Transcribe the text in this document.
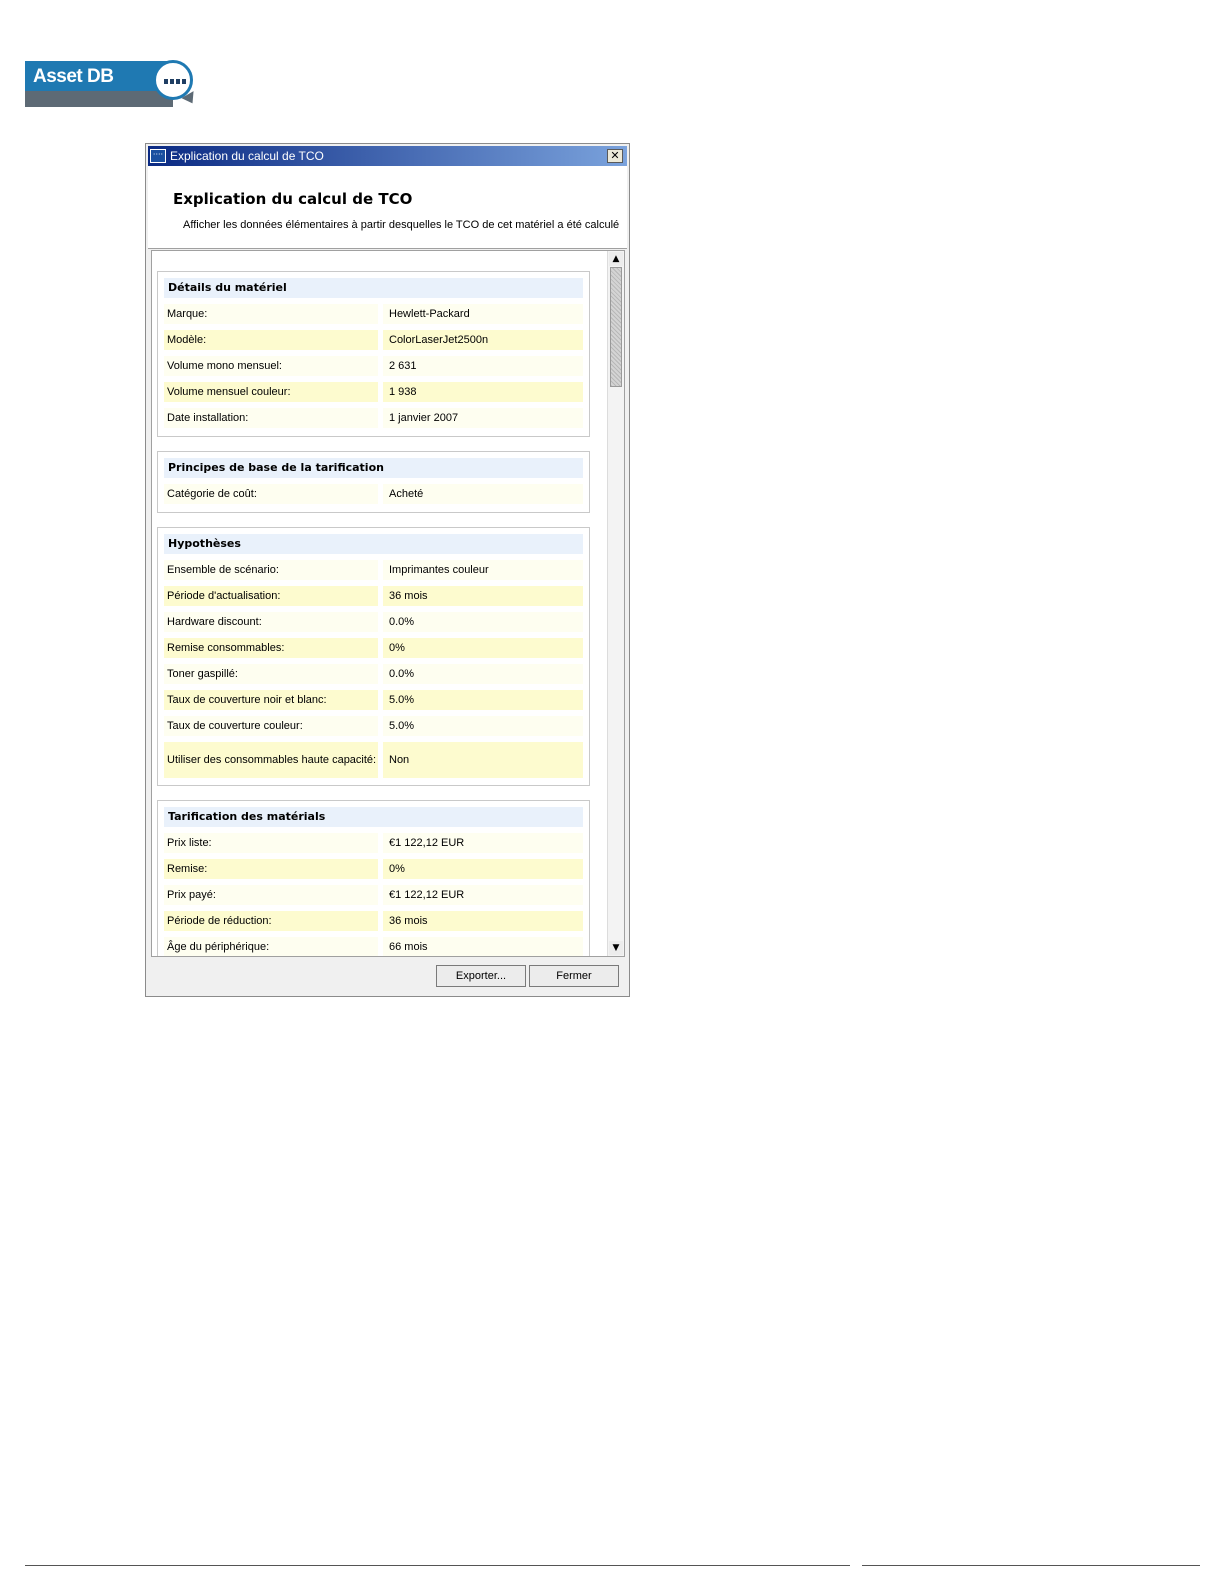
Asset DB
···· Explication du calcul de TCO	✕
Explication du calcul de TCO
Afficher les données élémentaires à partir desquelles le TCO de cet matériel a été calculé
Détails du matériel
Marque:	Hewlett-Packard
Modèle:	ColorLaserJet2500n
Volume mono mensuel:	2 631
Volume mensuel couleur:	1 938
Date installation:	1 janvier 2007
Principes de base de la tarification
Catégorie de coût:	Acheté
Hypothèses
Ensemble de scénario:	Imprimantes couleur
Période d'actualisation:	36 mois
Hardware discount:	0.0%
Remise consommables:	0%
Toner gaspillé:	0.0%
Taux de couverture noir et blanc:	5.0%
Taux de couverture couleur:	5.0%
Utiliser des consommables haute capacité:	Non
Tarification des matérials
Prix liste:	€1 122,12 EUR
Remise:	0%
Prix payé:	€1 122,12 EUR
Période de réduction:	36 mois
Âge du périphérique:	66 mois
▲
▼
Exporter...	Fermer
